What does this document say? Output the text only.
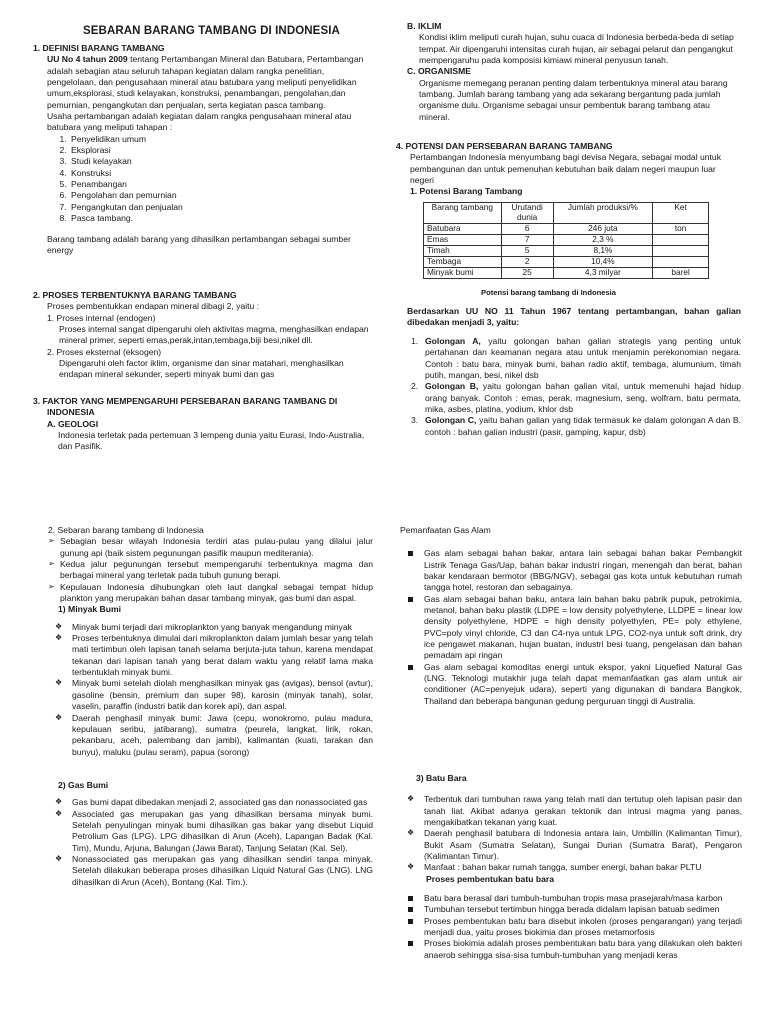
SEBARAN BARANG TAMBANG DI INDONESIA
1. DEFINISI BARANG TAMBANG

UU No 4 tahun 2009 tentang Pertambangan Mineral dan Batubara, Pertambangan adalah sebagian atau seluruh tahapan kegiatan dalam rangka penelitian, pengelolaan, dan pengusahaan mineral atau batubara yang meliputi penyelidikan umum,eksplorasi, studi kelayakan, konstruksi, penambangan, pengolahan,dan pemurnian, pengangkutan dan penjualan, serta kegiatan pasca tambang.

Usaha pertambangan adalah kegiatan dalam rangka pengusahaan mineral atau batubara yang meliputi tahapan :

1. Penyelidikan umum
2. Eksplorasi
3. Studi kelayakan
4. Konstruksi
5. Penambangan
6. Pengolahan dan pemurnian
7. Pengangkutan dan penjualan
8. Pasca tambang.

Barang tambang adalah barang yang dihasilkan pertambangan sebagai sumber energy

2. PROSES TERBENTUKNYA BARANG TAMBANG

Proses pembentukkan endapan mineral dibagi 2, yaitu :

1. Proses internal (endogen)
Proses internal sangat dipengaruhi oleh aktivitas magma, menghasilkan endapan mineral primer, seperti emas,perak,intan,tembaga,biji besi,nikel dll.
2. Proses eksternal (eksogen)
Dipengaruhi oleh factor iklim, organisme dan sinar matahari, menghasilkan endapan mineral sekunder, seperti minyak bumi dan gas
3. FAKTOR YANG MEMPENGARUHI PERSEBARAN BARANG TAMBANG DI
INDONESIA
A. GEOLOGI

Indonesia terletak pada pertemuan 3 lempeng dunia yaitu Eurasi, Indo-Australia, dan Pasifik.

B. IKLIM

Kondisi iklim meliputi curah hujan, suhu cuaca di Indonesia berbeda-beda di setiap tempat. Air dipengaruhi intensitas curah hujan, air sebagai pelarut dan pengangkut mempengaruhu pada komposisi kimiawi mineral penyusun tanah.

C. ORGANISME

Organisme memegang peranan penting dalam terbentuknya mineral atau barang tambang. Jumlah barang tambang yang ada sekarang bergantung pada jumlah organisme dulu. Organisme sebagai unsur pembentuk barang tambang atau mineral.

4. POTENSI DAN PERSEBARAN BARANG TAMBANG

Pertambangan Indonesia menyumbang bagi devisa Negara, sebagai modal untuk pembangunan dan untuk pemenuhan kebutuhan baik dalam negeri maupun luar negeri

1. Potensi Barang Tambang
Barang tambang	Urutandi dunia	Jumlah produksi/%	Ket
Batubara	6	246 juta	ton
Emas	7	2,3 %	
Timah	5	8,1%	
Tembaga	2	10,4%	
Minyak bumi	25	4,3 milyar	barel
Potensi barang tambang di Indonesia
Berdasarkan UU NO 11 Tahun 1967 tentang pertambangan, bahan galian dibedakan menjadi 3, yaitu:
1. Golongan A, yaitu golongan bahan galian strategis yang penting untuk pertahanan dan keamanan negara atau untuk menjamin perekonomian negara. Contoh : batu bara, minyak bumi, bahan radio aktif, tembaga, alumunium, timah putih, mangan, besi, nikel dsb
2. Golongan B, yaitu golongan bahan galian vital, untuk memenuhi hajad hidup orang banyak. Contoh : emas, perak, magnesium, seng, wolfram, batu permata, mika, asbes, platina, yodium, khlor dsb
3. Golongan C, yaitu bahan galian yang tidak termasuk ke dalam golongan A dan B. contoh : bahan galian industri (pasir, gamping, kapur, dsb)
2. Sebaran barang tambang di Indonesia
➢ Sebagian besar wilayah Indonesia terdiri atas pulau-pulau yang dilalui jalur gunung api (baik sistem pegunungan pasifik maupun mediterania).
➢ Kedua jalur pegunungan tersebut mempengaruhi terbentuknya magma dan berbagai mineral yang terletak pada tubuh gunung berapi.
➢ Kepulauan Indonesia dihubungkan oleh laut dangkal sebagai tempat hidup plankton yang merupakan bahan dasar tambang minyak, gas bumi dan aspal.
1) Minyak Bumi
❖ Minyak bumi terjadi dari mikroplankton yang banyak mengandung minyak
❖ Proses terbentuknya dimulai dari mikroplankton dalam jumlah besar yang telah mati tertimbun oleh lapisan tanah selama berjuta-juta tahun, karena mendapat tekanan dari lapisan tanah yang berat dalam waktu yang relatif lama maka terbentuklah minyak bumi.
❖ Minyak bumi setelah diolah menghasilkan minyak gas (avigas), bensol (avtur), gasoline (bensin, premium dan super 98), karosin (minyak tanah), solar, vaselin, paraffin (industri batik dan korek api), dan aspal.
❖ Daerah penghasil minyak bumi: Jawa (cepu, wonokromo, pulau madura, kepulauan seribu, jatibarang), sumatra (peurela, langkat, lirik, rokan, pekanbaru, aceh, palembang dan jambi), kalimantan (kuati, tarakan dan bunyu), maluku (pulau seram), papua (sorong)
2) Gas Bumi
❖ Gas bumi dapat dibedakan menjadi 2, associated gas dan nonassociated gas
❖ Associated gas merupakan gas yang dihasilkan bersama minyak bumi. Setelah penyulingan minyak bumi dihasilkan gas bakar yang disebut Liquid Petrolium Gas (LPG). LPG dihasilkan di Arun (Aceh), Lapangan Badak (Kal. Tim), Mundu, Arjuna, Balungan (Jawa Barat), Tanjung Selatan (Kal. Sel).
❖ Nonassociated gas merupakan gas yang dihasilkan sendiri tanpa minyak. Setelah dilakukan beberapa proses dihasilkan Liquid Natural Gas (LNG). LNG dihasilkan di Arun (Aceh), Bontang (Kal. Tim.).
Pemanfaatan Gas Alam
Gas alam sebagai bahan bakar, antara lain sebagai bahan bakar Pembangkit Listrik Tenaga Gas/Uap, bahan bakar industri ringan, menengah dan berat, bahan bakar kendaraan bermotor (BBG/NGV), sebagai gas kota untuk kebutuhan rumah tangga hotel, restoran dan sebagainya.
Gas alam sebagai bahan baku, antara lain bahan baku pabrik pupuk, petrokimia, metanol, bahan baku plastik (LDPE = low density polyethylene, LLDPE = linear low density polyethylene, HDPE = high density polyethylen, PE= poly ethylene, PVC=poly vinyl chloride, C3 dan C4-nya untuk LPG, CO2-nya untuk soft drink, dry ice pengawet makanan, hujan buatan, industri besi tuang, pengelasan dan bahan pemadam api ringan
Gas alam sebagai komoditas energi untuk ekspor, yakni Liquefied Natural Gas (LNG. Teknologi mutakhir juga telah dapat memanfaatkan gas alam untuk air conditioner (AC=penyejuk udara), seperti yang digunakan di bandara Bangkok, Thailand dan beberapa bangunan gedung perguruan tinggi di Australia.
3) Batu Bara
❖ Terbentuk dari tumbuhan rawa yang telah mati dan tertutup oleh lapisan pasir dan tanah liat. Akibat adanya gerakan tektonik dan intrusi magma yang panas, mengakibatkan tekanan yang kuat.
❖ Daerah penghasil batubara di Indonesia antara lain, Umbillin (Kalimantan Timur), Bukit Asam (Sumatra Selatan), Sungai Durian (Sumatra Barat), Pengaron (Kalimantan Timur).
❖ Manfaat : bahan bakar rumah tangga, sumber energi, bahan bakar PLTU
Proses pembentukan batu bara
Batu bara berasal dari tumbuh-tumbuhan tropis masa prasejarah/masa karbon
Tumbuhan tersebut tertimbun hingga berada didalam lapisan batuab sedimen
Proses pembentukan batu bara disebut inkolen (proses pengarangan) yang terjadi menjadi dua, yaitu proses biokimia dan proses metamorfosis
Proses biokimia adalah proses pembentukan batu bara yang dilakukan oleh bakteri anaerob sehingga sisa-sisa tumbuh-tumbuhan yang menjadi keras
